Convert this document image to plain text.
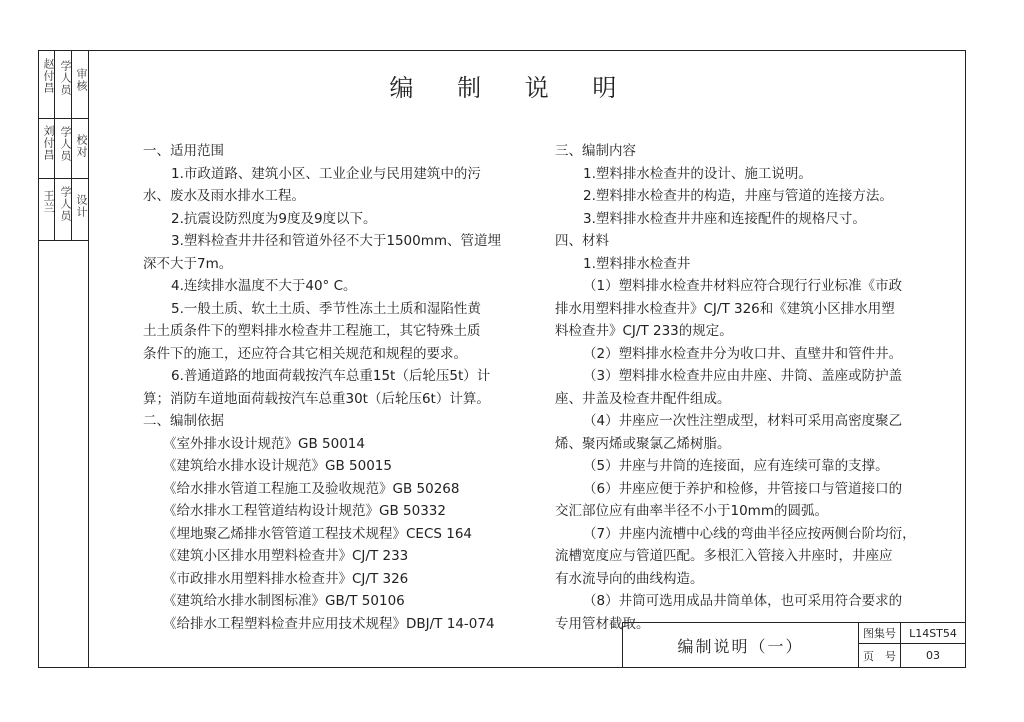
赵付昌 学人员 审核
刘付昌 学人员 校对
王兰 学人员 设计
编 制 说 明

一、适用范围

1.市政道路、建筑小区、工业企业与民用建筑中的污

水、废水及雨水排水工程。

2.抗震设防烈度为9度及9度以下。

3.塑料检查井井径和管道外径不大于1500mm、管道埋

深不大于7m。

4.连续排水温度不大于40° C。

5.一般土质、软土土质、季节性冻土土质和湿陷性黄

土土质条件下的塑料排水检查井工程施工，其它特殊土质

条件下的施工，还应符合其它相关规范和规程的要求。

6.普通道路的地面荷载按汽车总重15t（后轮压5t）计

算；消防车道地面荷载按汽车总重30t（后轮压6t）计算。

二、编制依据

《室外排水设计规范》GB 50014

《建筑给水排水设计规范》GB 50015

《给水排水管道工程施工及验收规范》GB 50268

《给水排水工程管道结构设计规范》GB 50332

《埋地聚乙烯排水管管道工程技术规程》CECS 164

《建筑小区排水用塑料检查井》CJ/T 233

《市政排水用塑料排水检查井》CJ/T 326

《建筑给水排水制图标准》GB/T 50106

《给排水工程塑料检查井应用技术规程》DBJ/T 14-074

三、编制内容

1.塑料排水检查井的设计、施工说明。

2.塑料排水检查井的构造，井座与管道的连接方法。

3.塑料排水检查井井座和连接配件的规格尺寸。

四、材料

1.塑料排水检查井

（1）塑料排水检查井材料应符合现行行业标准《市政

排水用塑料排水检查井》CJ/T 326和《建筑小区排水用塑

料检查井》CJ/T 233的规定。

（2）塑料排水检查井分为收口井、直壁井和管件井。

（3）塑料排水检查井应由井座、井筒、盖座或防护盖

座、井盖及检查井配件组成。

（4）井座应一次性注塑成型，材料可采用高密度聚乙

烯、聚丙烯或聚氯乙烯树脂。

（5）井座与井筒的连接面，应有连续可靠的支撑。

（6）井座应便于养护和检修，井管接口与管道接口的

交汇部位应有曲率半径不小于10mm的圆弧。

（7）井座内流槽中心线的弯曲半径应按两侧台阶均衍，

流槽宽度应与管道匹配。多根汇入管接入井座时，井座应

有水流导向的曲线构造。

（8）井筒可选用成品井筒单体，也可采用符合要求的

专用管材截取。

编制说明（一）
图集号	L14ST54
页　号	03
